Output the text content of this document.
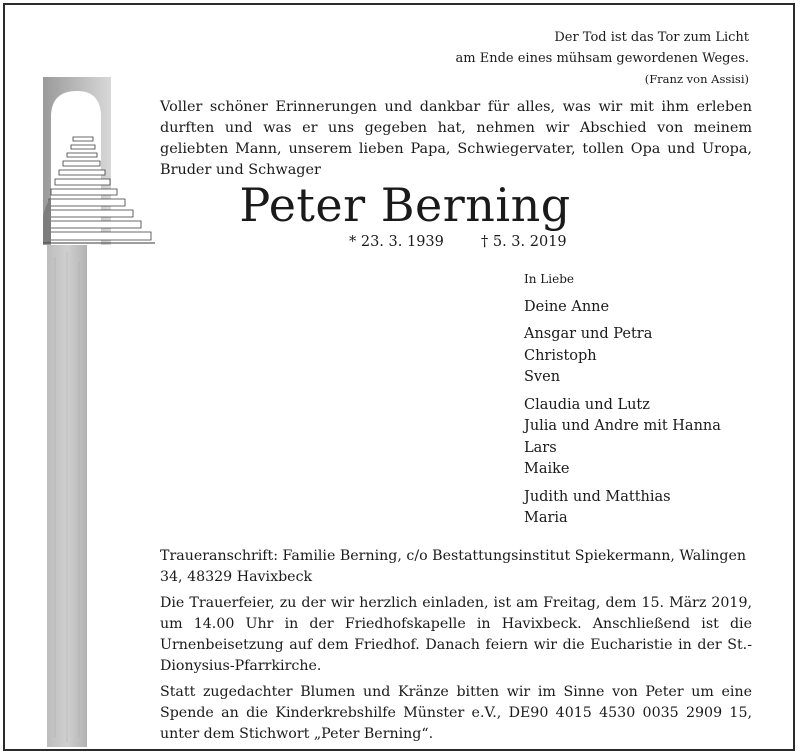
Der Tod ist das Tor zum Licht
am Ende eines mühsam gewordenen Weges.
(Franz von Assisi)
Voller schöner Erinnerungen und dankbar für alles, was wir mit ihm erleben durften und was er uns gegeben hat, nehmen wir Abschied von meinem geliebten Mann, unserem lieben Papa, Schwiegervater, tollen Opa und Uropa, Bruder und Schwager
Peter Berning
* 23. 3. 1939	† 5. 3. 2019
In Liebe
Deine Anne
Ansgar und Petra
Christoph
Sven
Claudia und Lutz
Julia und Andre mit Hanna
Lars
Maike
Judith und Matthias
Maria
Traueranschrift: Familie Berning, c/o Bestattungsinstitut Spiekermann, Walingen 34, 48329 Havixbeck
Die Trauerfeier, zu der wir herzlich einladen, ist am Freitag, dem 15. März 2019, um 14.00 Uhr in der Friedhofskapelle in Havixbeck. Anschließend ist die Urnenbeisetzung auf dem Friedhof. Danach feiern wir die Eucharistie in der St.-Dionysius-Pfarrkirche.
Statt zugedachter Blumen und Kränze bitten wir im Sinne von Peter um eine Spende an die Kinderkrebshilfe Münster e.V., DE90 4015 4530 0035 2909 15, unter dem Stichwort „Peter Berning“.
